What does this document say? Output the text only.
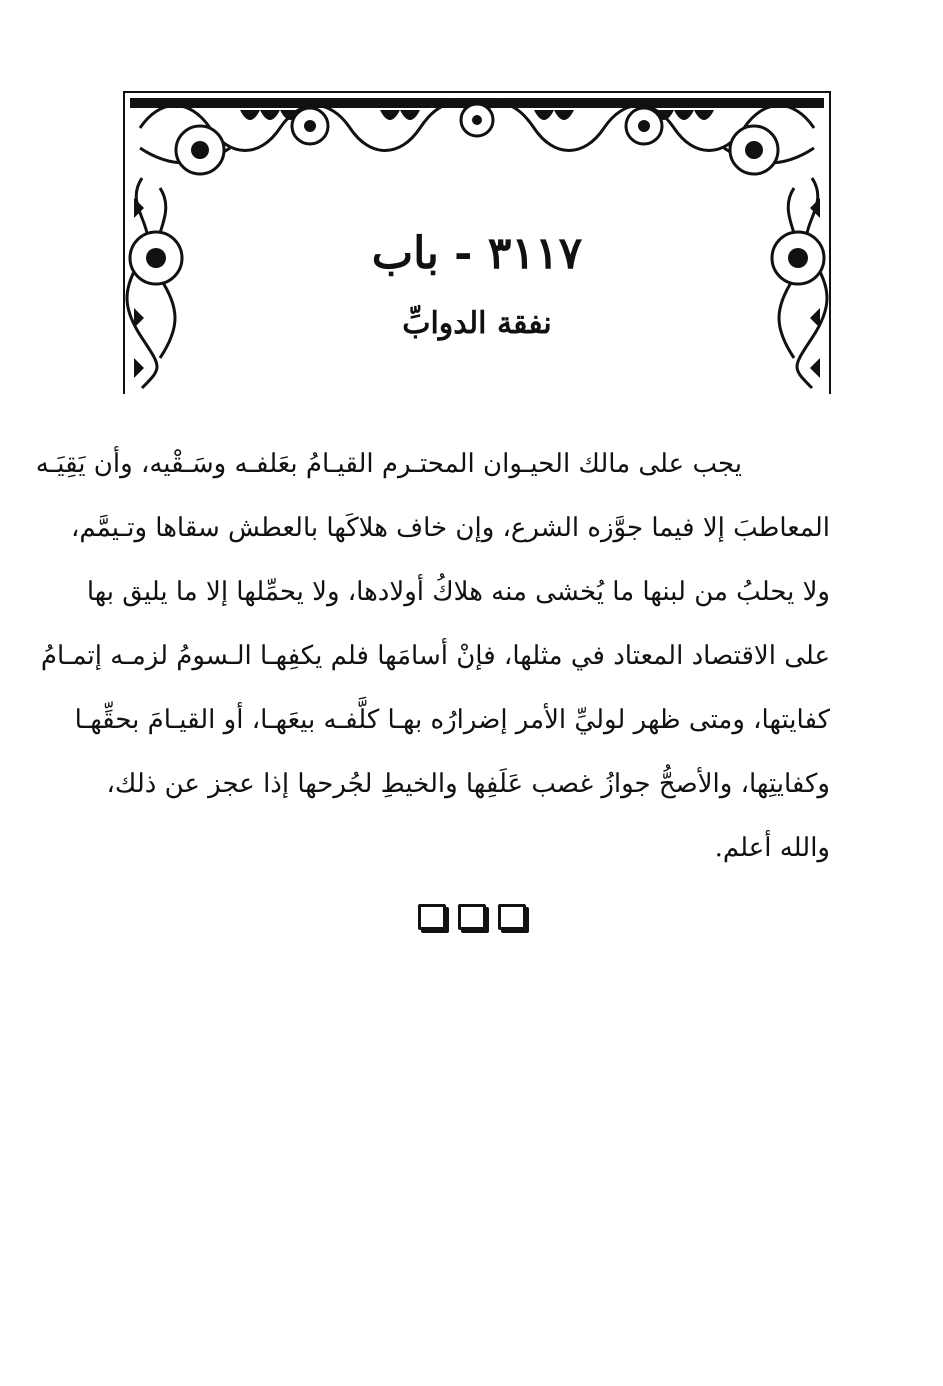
٣١١٧ - باب
نفقة الدوابِّ
يجب على مالك الحيـوان المحتـرم القيـامُ بعَلفـه وسَـقْيه، وأن يَقِيَـه
المعاطبَ إلا فيما جوَّزه الشرع، وإن خاف هلاكَها بالعطش سقاها وتـيمَّم،
ولا يحلبُ من لبنها ما يُخشى منه هلاكُ أولادها، ولا يحمِّلها إلا ما يليق بها
على الاقتصاد المعتاد في مثلها، فإنْ أسامَها فلم يكفِهـا الـسومُ لزمـه إتمـامُ
كفايتها، ومتى ظهر لوليِّ الأمر إضرارُه بهـا كلَّفـه بيعَهـا، أو القيـامَ بحقِّهـا
وكفايتِها، والأصحُّ جوازُ غصب عَلَفِها والخيطِ لجُرحها إذا عجز عن ذلك،
والله أعلم.
